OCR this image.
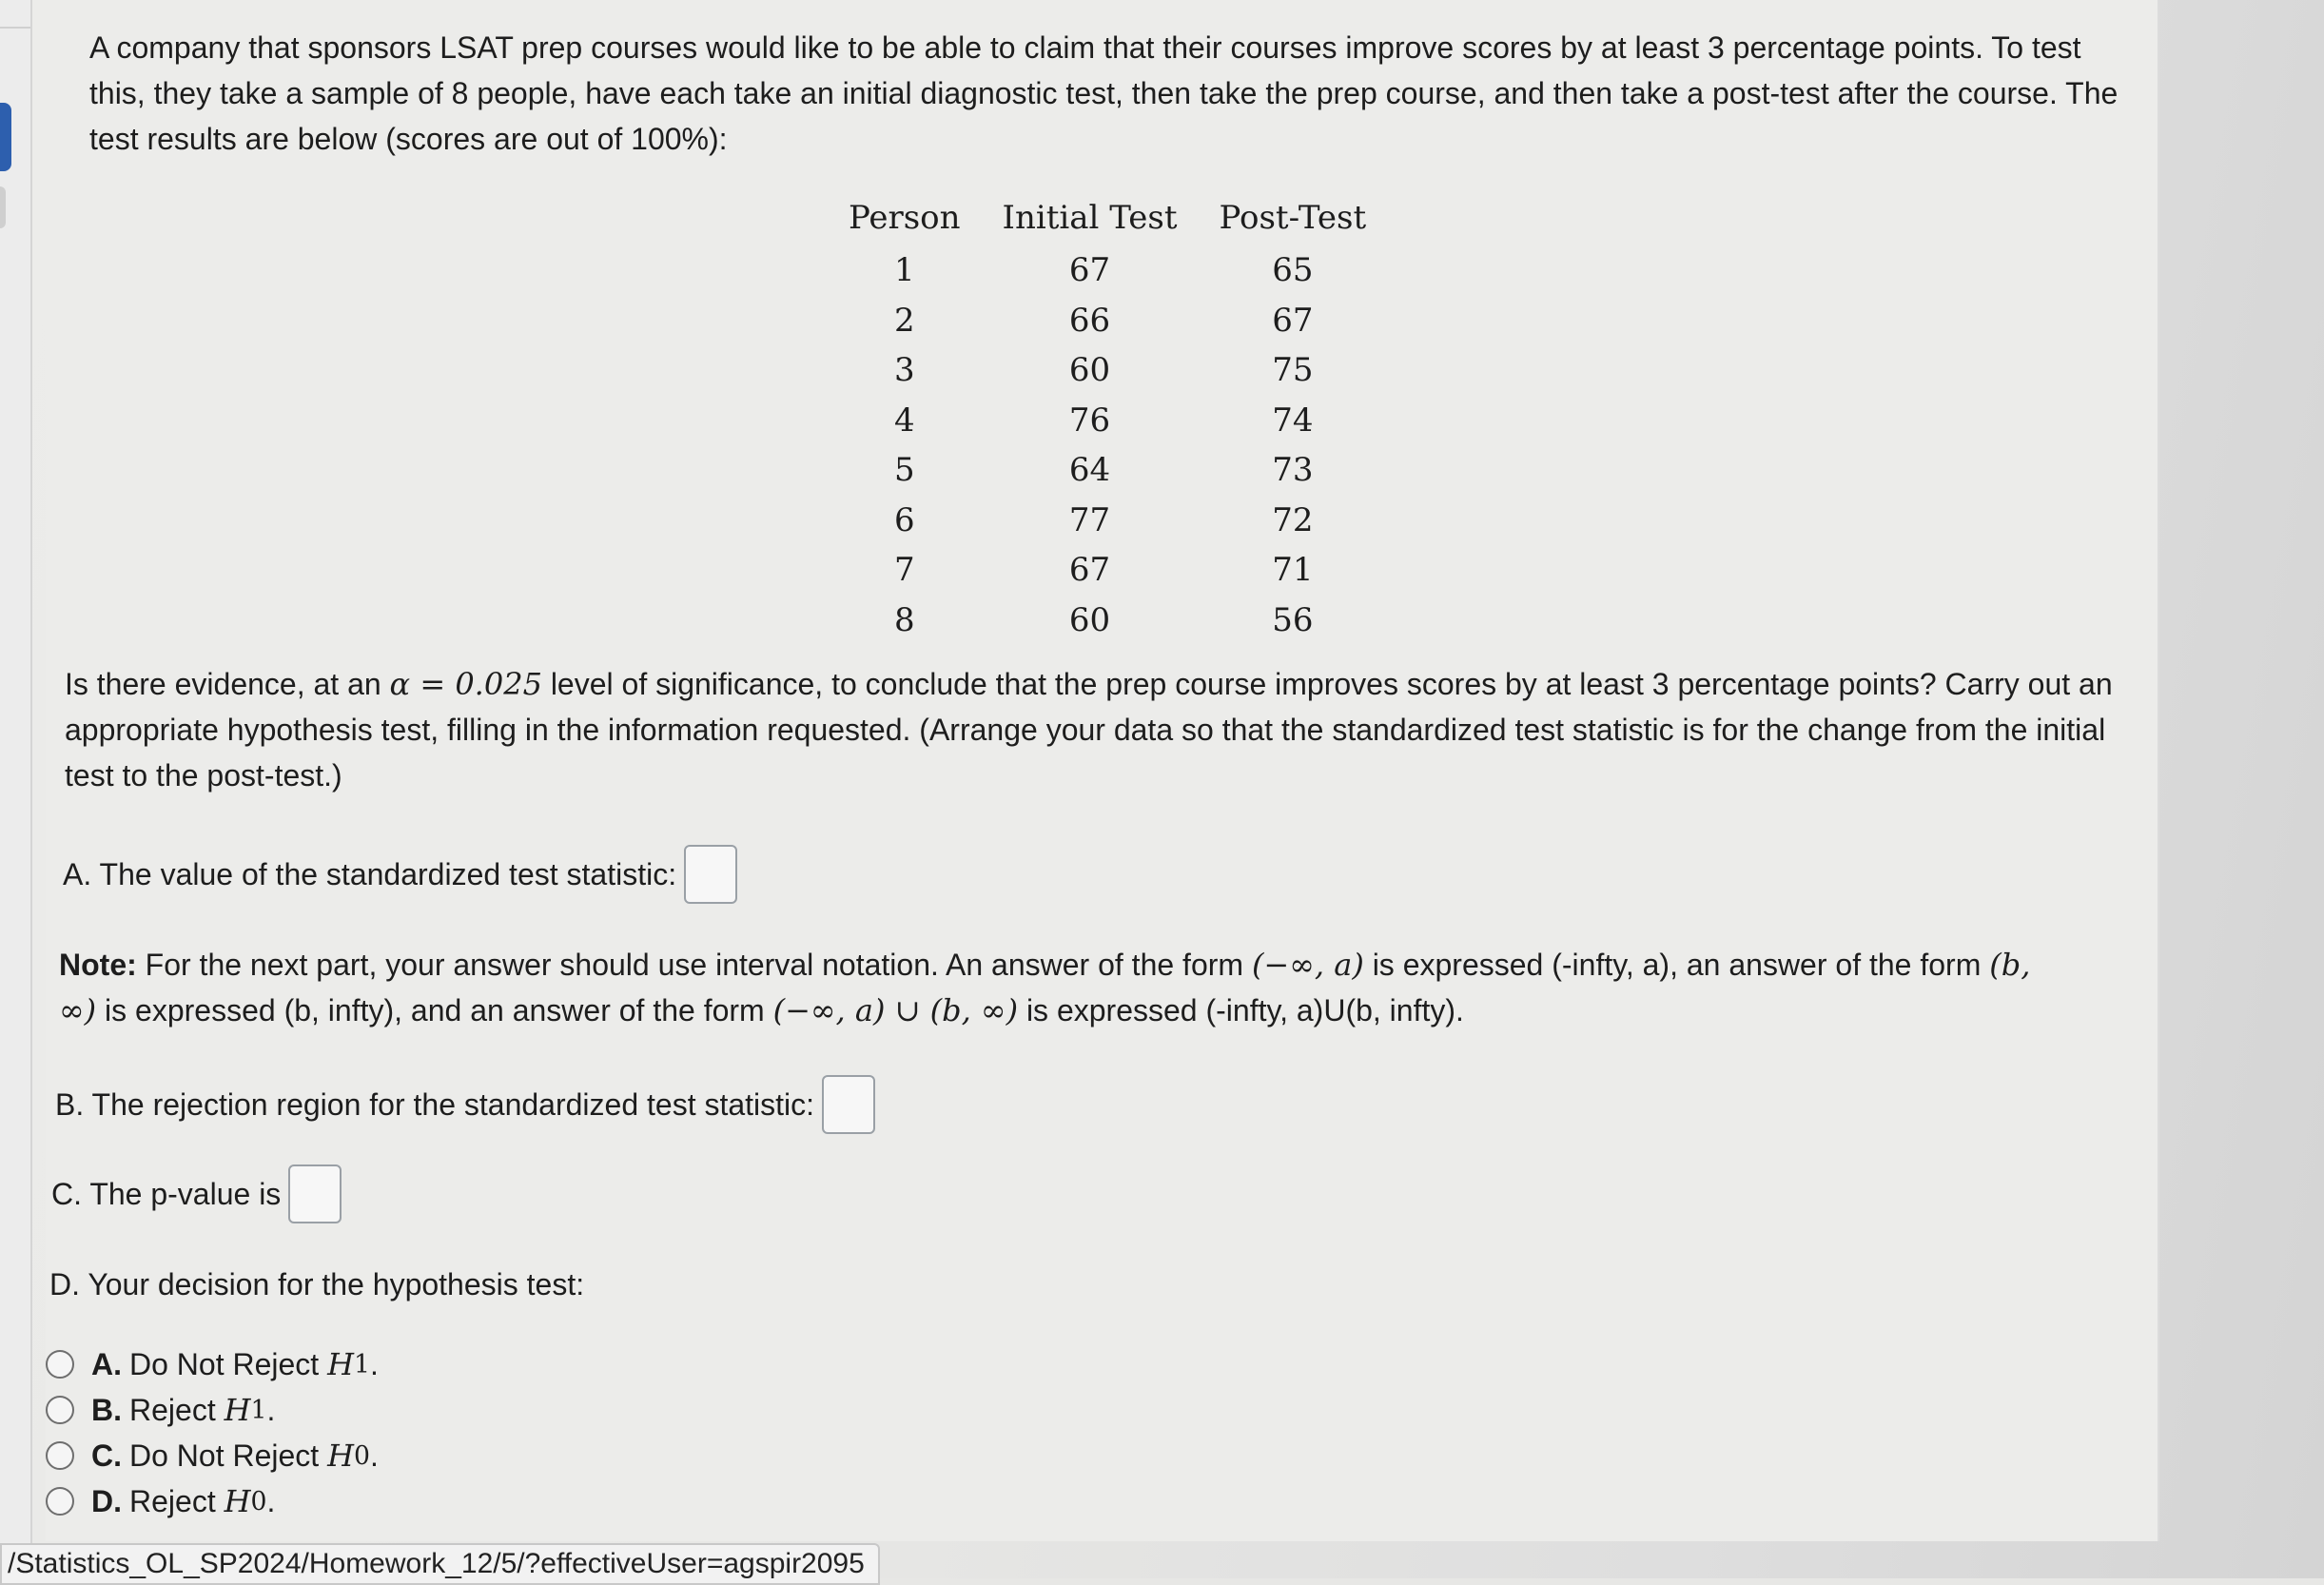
A company that sponsors LSAT prep courses would like to be able to claim that their courses improve scores by at least 3 percentage points. To test this, they take a sample of 8 people, have each take an initial diagnostic test, then take the prep course, and then take a post-test after the course. The test results are below (scores are out of 100%):
Person	Initial Test	Post-Test
1	67	65
2	66	67
3	60	75
4	76	74
5	64	73
6	77	72
7	67	71
8	60	56
Is there evidence, at an α = 0.025 level of significance, to conclude that the prep course improves scores by at least 3 percentage points? Carry out an appropriate hypothesis test, filling in the information requested. (Arrange your data so that the standardized test statistic is for the change from the initial test to the post-test.)
A. The value of the standardized test statistic:
Note: For the next part, your answer should use interval notation. An answer of the form (−∞, a) is expressed (-infty, a), an answer of the form (b, ∞) is expressed (b, infty), and an answer of the form (−∞, a) ∪ (b, ∞) is expressed (-infty, a)U(b, infty).
B. The rejection region for the standardized test statistic:
C. The p-value is
D. Your decision for the hypothesis test:
A. Do Not Reject
H 1 .
B. Reject
H 1 .
C. Do Not Reject
H 0 .
D. Reject
H 0 .
/Statistics_OL_SP2024/Homework_12/5/?effectiveUser=agspir2095
